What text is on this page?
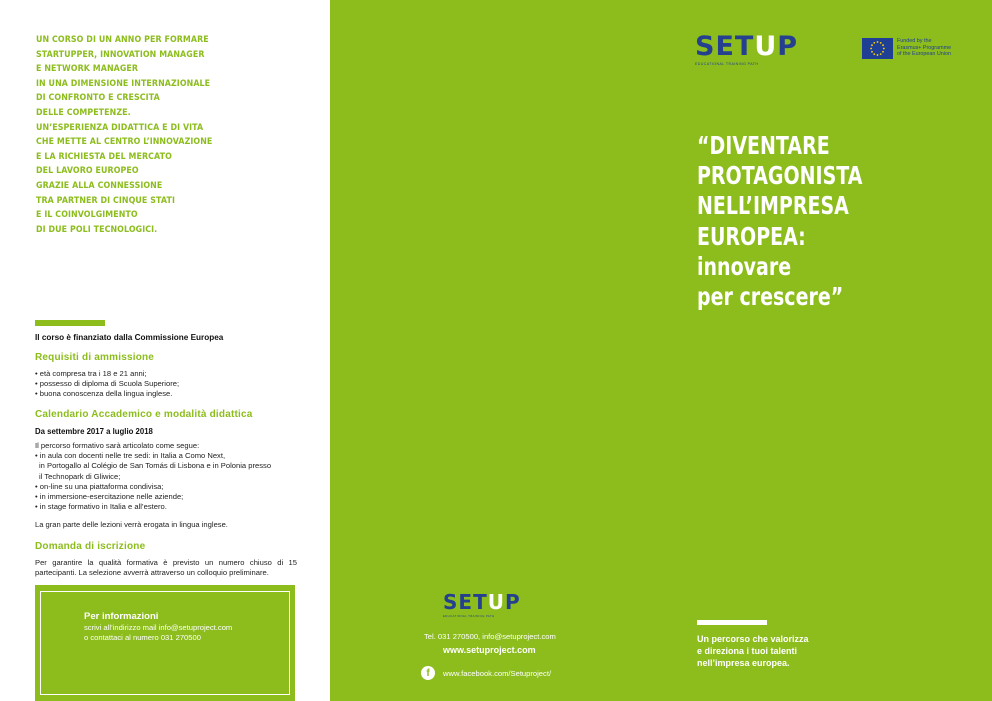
UN CORSO DI UN ANNO PER FORMARE
STARTUPPER, INNOVATION MANAGER
E NETWORK MANAGER
IN UNA DIMENSIONE INTERNAZIONALE
DI CONFRONTO E CRESCITA
DELLE COMPETENZE.
UN’ESPERIENZA DIDATTICA E DI VITA
CHE METTE AL CENTRO L’INNOVAZIONE
E LA RICHIESTA DEL MERCATO
DEL LAVORO EUROPEO
GRAZIE ALLA CONNESSIONE
TRA PARTNER DI CINQUE STATI
E IL COINVOLGIMENTO
DI DUE POLI TECNOLOGICI.
Il corso è finanziato dalla Commissione Europea
Requisiti di ammissione
• età compresa tra i 18 e 21 anni;
• possesso di diploma di Scuola Superiore;
• buona conoscenza della lingua inglese.
Calendario Accademico e modalità didattica
Da settembre 2017 a luglio 2018
Il percorso formativo sarà articolato come segue:
• in aula con docenti nelle tre sedi: in Italia a Como Next,
in Portogallo al Colégio de San Tomás di Lisbona e in Polonia presso
il Technopark di Gliwice;
• on-line su una piattaforma condivisa;
• in immersione-esercitazione nelle aziende;
• in stage formativo in Italia e all’estero.
La gran parte delle lezioni verrà erogata in lingua inglese.
Domanda di iscrizione
Per garantire la qualità formativa è previsto un numero chiuso di 15 partecipanti. La selezione avverrà attraverso un colloquio preliminare.
Per informazioni
scrivi all’indirizzo mail info@setuproject.com
o contattaci al numero 031 270500
SETUP
EDUCATIONAL TRAINING PATH
Funded by the
Erasmus+ Programme
of the European Union
“DIVENTARE
PROTAGONISTA
NELL’IMPRESA
EUROPEA:
innovare
per crescere”
SETUP
EDUCATIONAL TRAINING PATH
Tel. 031 270500, info@setuproject.com
www.setuproject.com
f	www.facebook.com/Setuproject/
Un percorso che valorizza
e direziona i tuoi talenti
nell’impresa europea.
